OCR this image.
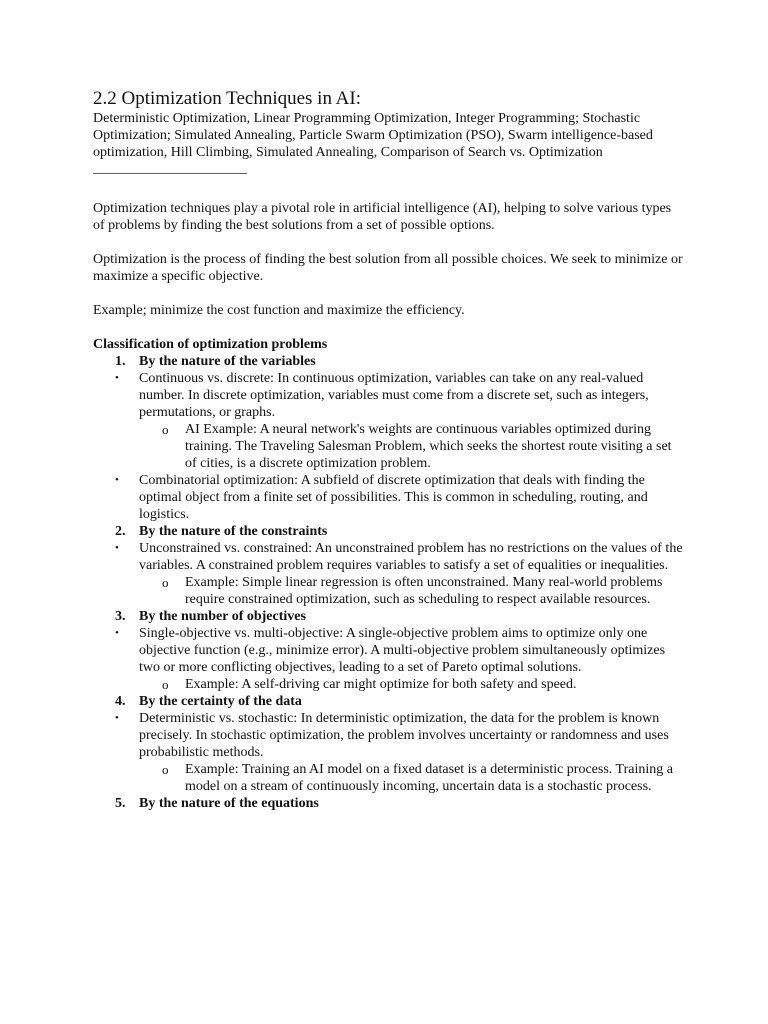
2.2 Optimization Techniques in AI:

Deterministic Optimization, Linear Programming Optimization, Integer Programming; Stochastic Optimization; Simulated Annealing, Particle Swarm Optimization (PSO), Swarm intelligence-based optimization, Hill Climbing, Simulated Annealing, Comparison of Search vs. Optimization

______________________

Optimization techniques play a pivotal role in artificial intelligence (AI), helping to solve various types of problems by finding the best solutions from a set of possible options.

Optimization is the process of finding the best solution from all possible choices. We seek to minimize or maximize a specific objective.

Example; minimize the cost function and maximize the efficiency.

Classification of optimization problems

1. By the nature of the variables
• Continuous vs. discrete: In continuous optimization, variables can take on any real-valued number. In discrete optimization, variables must come from a discrete set, such as integers, permutations, or graphs.
o AI Example: A neural network's weights are continuous variables optimized during training. The Traveling Salesman Problem, which seeks the shortest route visiting a set of cities, is a discrete optimization problem.
• Combinatorial optimization: A subfield of discrete optimization that deals with finding the optimal object from a finite set of possibilities. This is common in scheduling, routing, and logistics.
2. By the nature of the constraints
• Unconstrained vs. constrained: An unconstrained problem has no restrictions on the values of the variables. A constrained problem requires variables to satisfy a set of equalities or inequalities.
o Example: Simple linear regression is often unconstrained. Many real-world problems require constrained optimization, such as scheduling to respect available resources.
3. By the number of objectives
• Single-objective vs. multi-objective: A single-objective problem aims to optimize only one objective function (e.g., minimize error). A multi-objective problem simultaneously optimizes two or more conflicting objectives, leading to a set of Pareto optimal solutions.
o Example: A self-driving car might optimize for both safety and speed.
4. By the certainty of the data
• Deterministic vs. stochastic: In deterministic optimization, the data for the problem is known precisely. In stochastic optimization, the problem involves uncertainty or randomness and uses probabilistic methods.
o Example: Training an AI model on a fixed dataset is a deterministic process. Training a model on a stream of continuously incoming, uncertain data is a stochastic process.
5. By the nature of the equations
